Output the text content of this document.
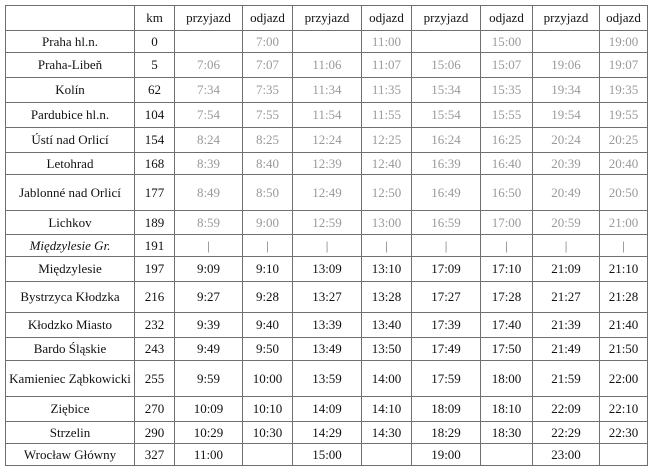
	km	przyjazd	odjazd	przyjazd	odjazd	przyjazd	odjazd	przyjazd	odjazd
Praha hl.n.	0		7:00		11:00		15:00		19:00
Praha-Libeň	5	7:06	7:07	11:06	11:07	15:06	15:07	19:06	19:07
Kolín	62	7:34	7:35	11:34	11:35	15:34	15:35	19:34	19:35
Pardubice hl.n.	104	7:54	7:55	11:54	11:55	15:54	15:55	19:54	19:55
Ústí nad Orlicí	154	8:24	8:25	12:24	12:25	16:24	16:25	20:24	20:25
Letohrad	168	8:39	8:40	12:39	12:40	16:39	16:40	20:39	20:40
Jablonné nad Orlicí	177	8:49	8:50	12:49	12:50	16:49	16:50	20:49	20:50
Lichkov	189	8:59	9:00	12:59	13:00	16:59	17:00	20:59	21:00
Międzylesie Gr.	191	|	|	|	|	|	|	|	|
Międzylesie	197	9:09	9:10	13:09	13:10	17:09	17:10	21:09	21:10
Bystrzyca Kłodzka	216	9:27	9:28	13:27	13:28	17:27	17:28	21:27	21:28
Kłodzko Miasto	232	9:39	9:40	13:39	13:40	17:39	17:40	21:39	21:40
Bardo Śląskie	243	9:49	9:50	13:49	13:50	17:49	17:50	21:49	21:50
Kamieniec Ząbkowicki	255	9:59	10:00	13:59	14:00	17:59	18:00	21:59	22:00
Ziębice	270	10:09	10:10	14:09	14:10	18:09	18:10	22:09	22:10
Strzelin	290	10:29	10:30	14:29	14:30	18:29	18:30	22:29	22:30
Wrocław Główny	327	11:00		15:00		19:00		23:00	
